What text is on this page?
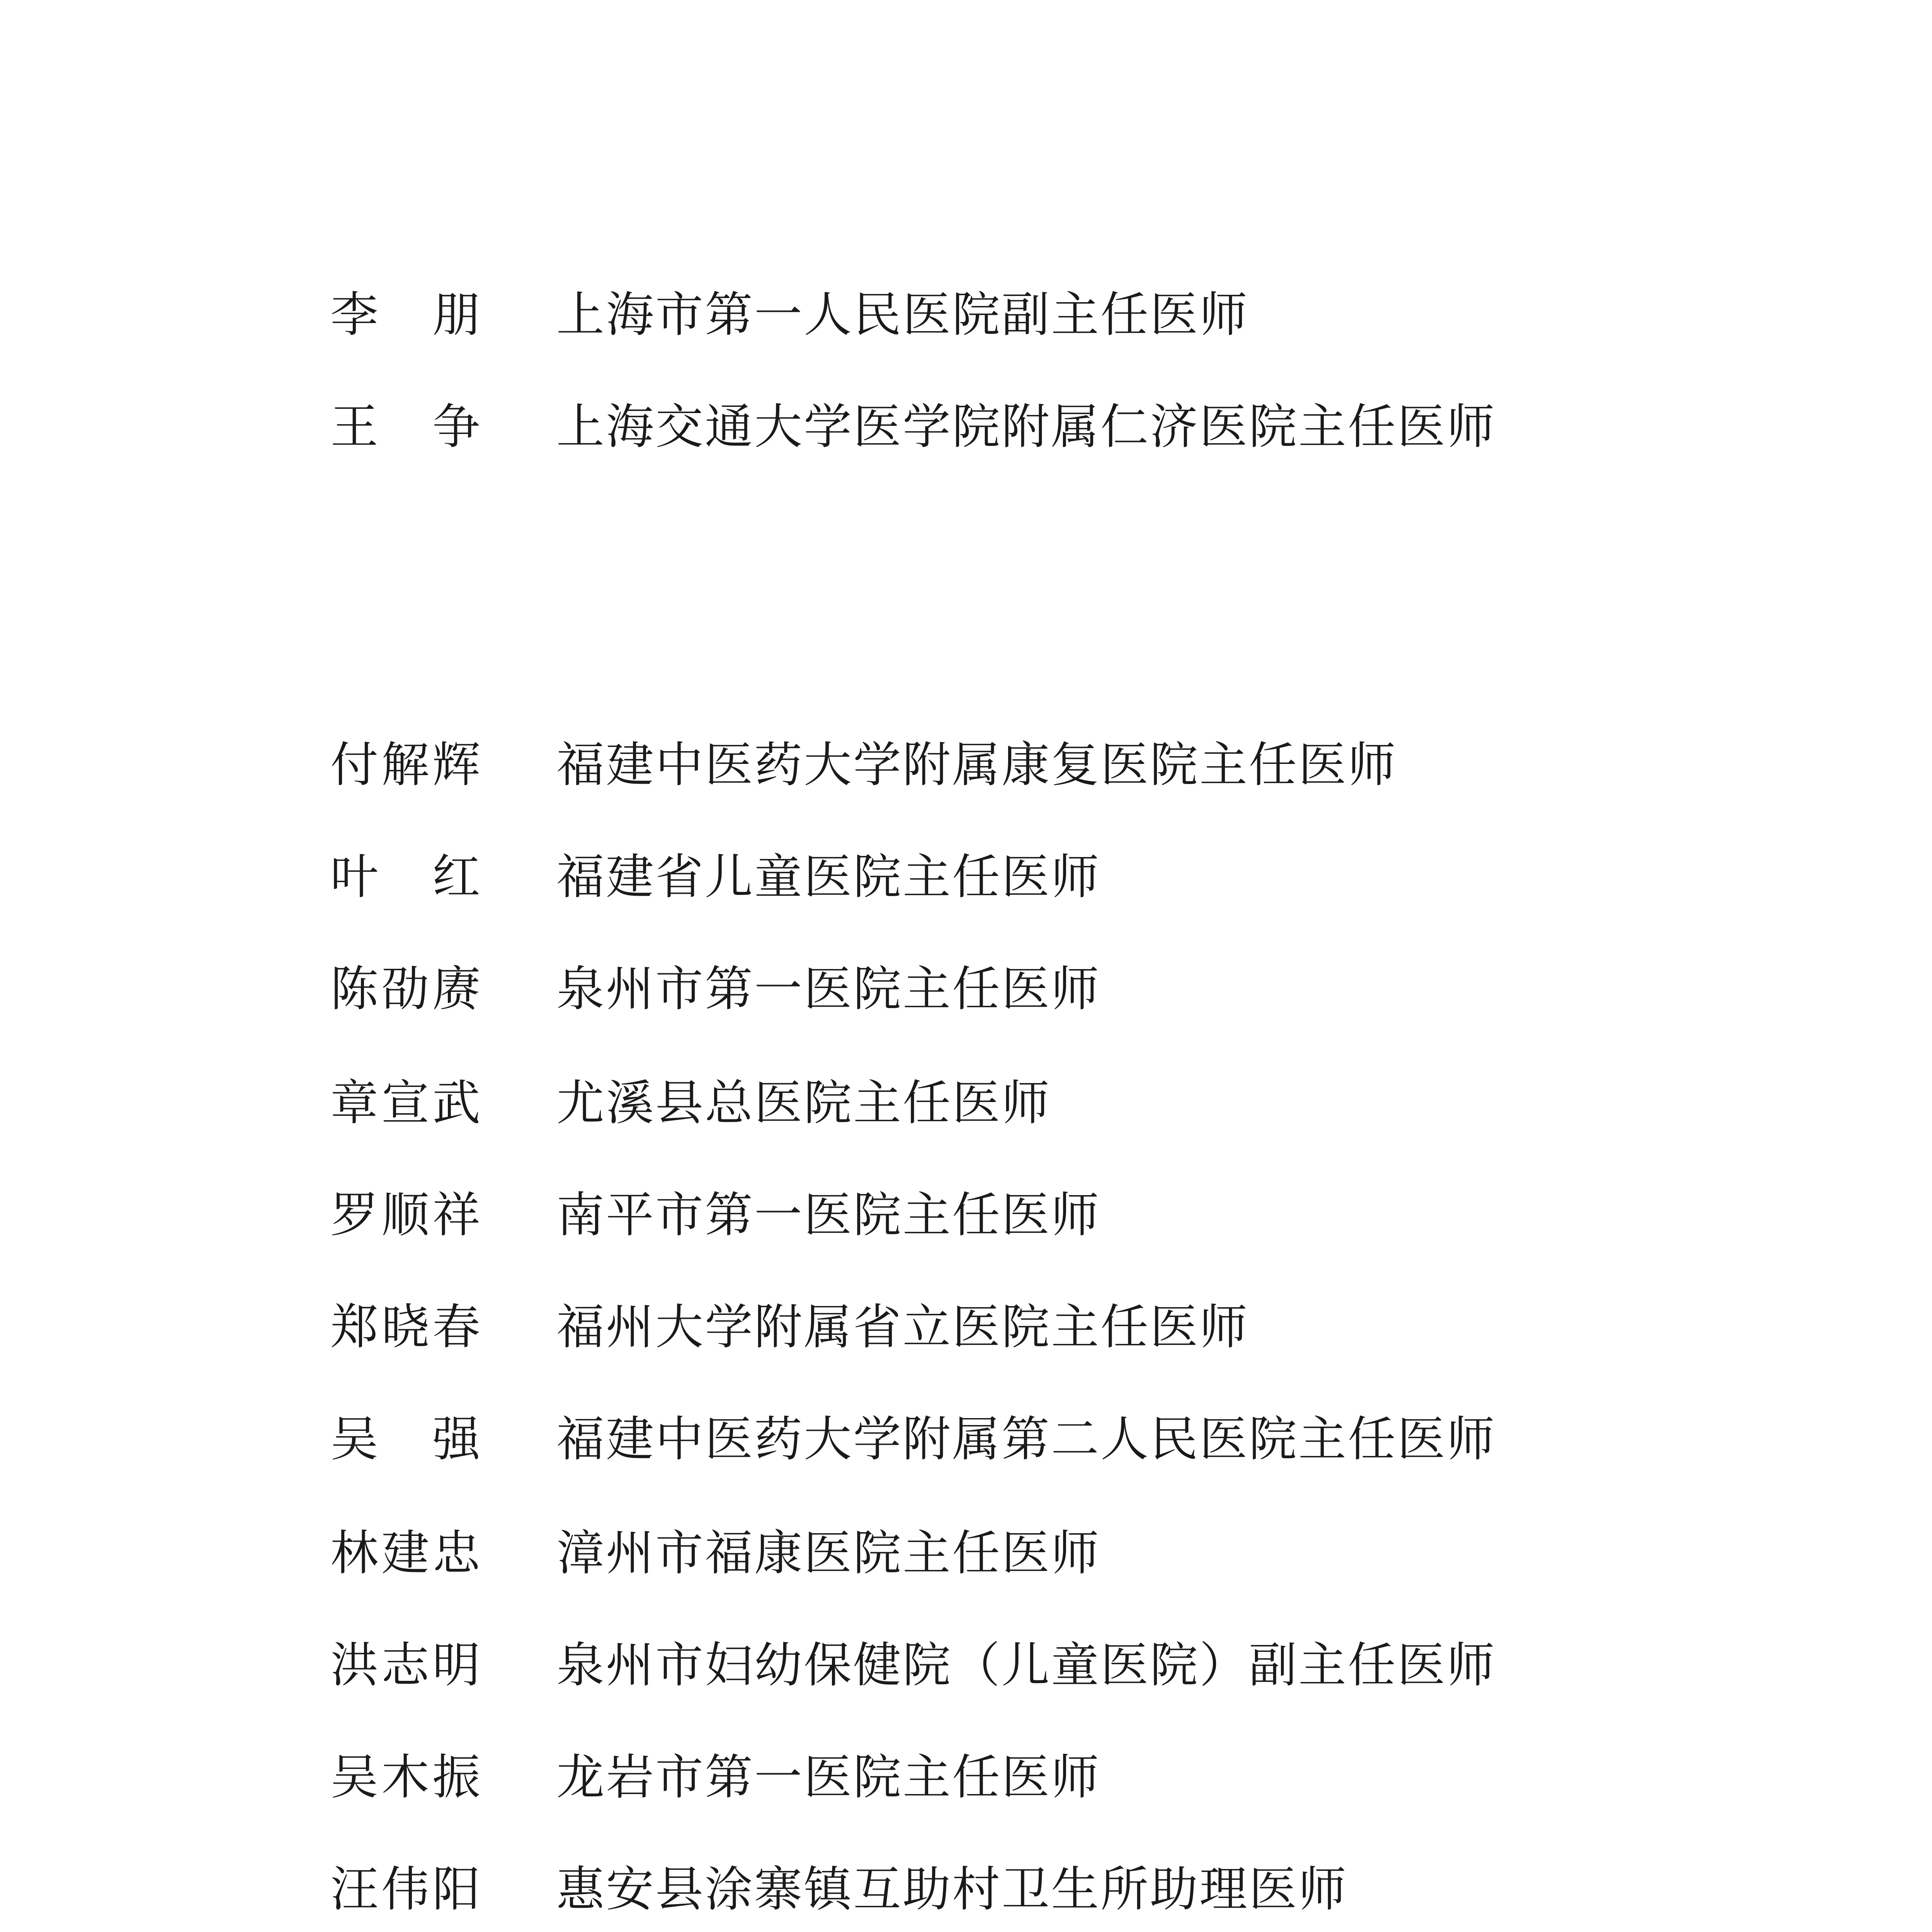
李　朋 上海市第一人民医院副主任医师
王　争 上海交通大学医学院附属仁济医院主任医师
付解辉 福建中医药大学附属康复医院主任医师
叶　红 福建省儿童医院主任医师
陈劭赓 泉州市第一医院主任医师
章宣武 尤溪县总医院主任医师
罗顺祥 南平市第一医院主任医师
郑晓春 福州大学附属省立医院主任医师
吴　强 福建中医药大学附属第二人民医院主任医师
林建忠 漳州市福康医院主任医师
洪志明 泉州市妇幼保健院（儿童医院）副主任医师
吴木振 龙岩市第一医院主任医师
汪伟阳 惠安县涂寨镇互助村卫生所助理医师
